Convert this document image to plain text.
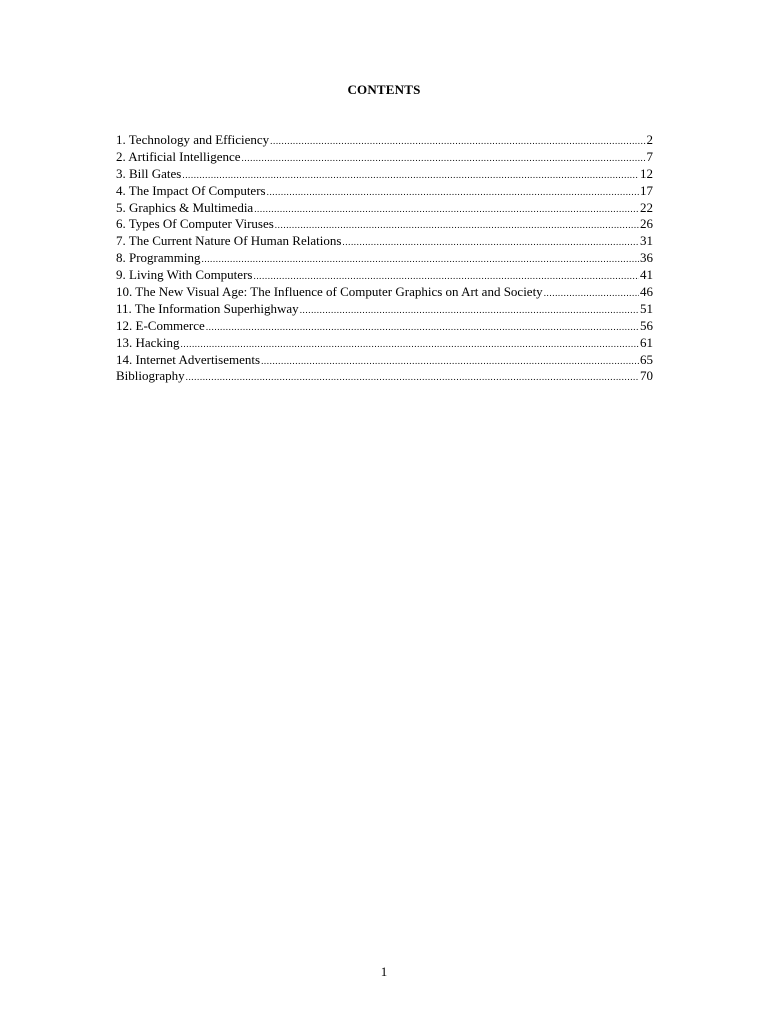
CONTENTS
1. Technology and Efficiency .....	2
2. Artificial Intelligence .....	7
3. Bill Gates .....	12
4. The Impact Of Computers .....	17
5. Graphics & Multimedia .....	22
6. Types Of Computer Viruses .....	26
7. The Current Nature Of Human Relations .....	31
8. Programming .....	36
9. Living With Computers .....	41
10. The New Visual Age: The Influence of Computer Graphics on Art and Society .....	46
11. The Information Superhighway .....	51
12. E-Commerce .....	56
13. Hacking .....	61
14. Internet Advertisements .....	65
Bibliography .....	70
1
